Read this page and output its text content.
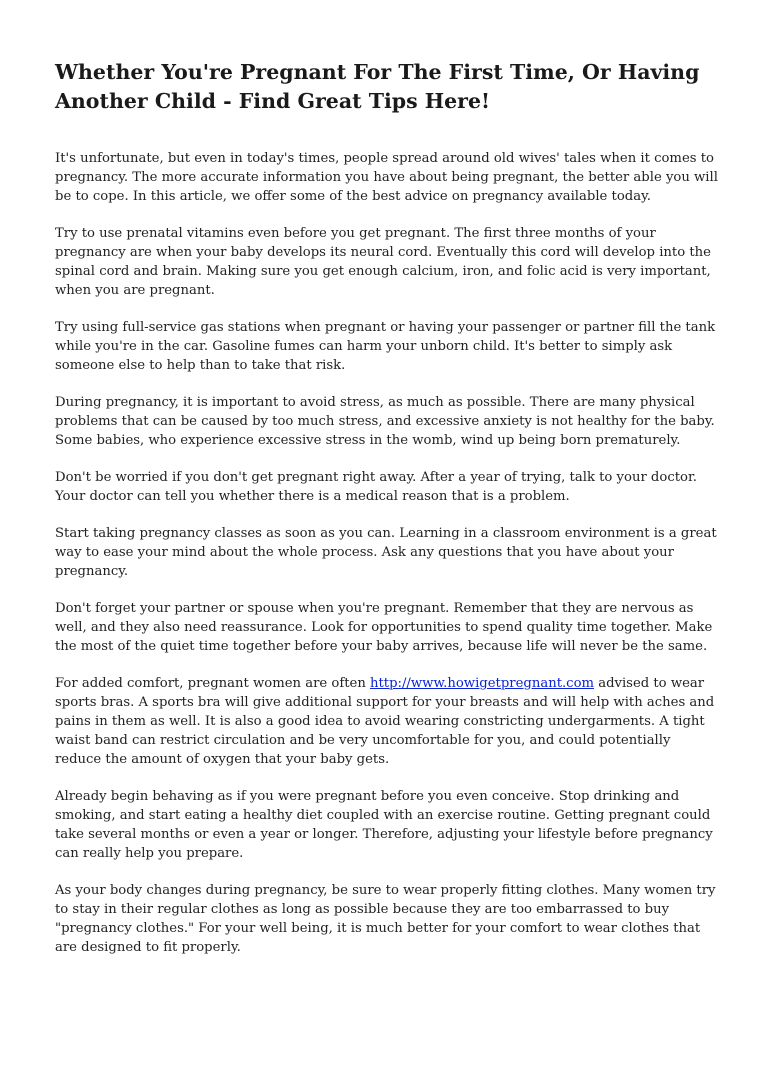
Whether You're Pregnant For The First Time, Or Having Another Child - Find Great Tips Here!

It's unfortunate, but even in today's times, people spread around old wives' tales when it comes to pregnancy. The more accurate information you have about being pregnant, the better able you will be to cope. In this article, we offer some of the best advice on pregnancy available today.

Try to use prenatal vitamins even before you get pregnant. The first three months of your pregnancy are when your baby develops its neural cord. Eventually this cord will develop into the spinal cord and brain. Making sure you get enough calcium, iron, and folic acid is very important, when you are pregnant.

Try using full-service gas stations when pregnant or having your passenger or partner fill the tank while you're in the car. Gasoline fumes can harm your unborn child. It's better to simply ask someone else to help than to take that risk.

During pregnancy, it is important to avoid stress, as much as possible. There are many physical problems that can be caused by too much stress, and excessive anxiety is not healthy for the baby. Some babies, who experience excessive stress in the womb, wind up being born prematurely.

Don't be worried if you don't get pregnant right away. After a year of trying, talk to your doctor. Your doctor can tell you whether there is a medical reason that is a problem.

Start taking pregnancy classes as soon as you can. Learning in a classroom environment is a great way to ease your mind about the whole process. Ask any questions that you have about your pregnancy.

Don't forget your partner or spouse when you're pregnant. Remember that they are nervous as well, and they also need reassurance. Look for opportunities to spend quality time together. Make the most of the quiet time together before your baby arrives, because life will never be the same.

For added comfort, pregnant women are often http://www.howigetpregnant.com advised to wear sports bras. A sports bra will give additional support for your breasts and will help with aches and pains in them as well. It is also a good idea to avoid wearing constricting undergarments. A tight waist band can restrict circulation and be very uncomfortable for you, and could potentially reduce the amount of oxygen that your baby gets.

Already begin behaving as if you were pregnant before you even conceive. Stop drinking and smoking, and start eating a healthy diet coupled with an exercise routine. Getting pregnant could take several months or even a year or longer. Therefore, adjusting your lifestyle before pregnancy can really help you prepare.

As your body changes during pregnancy, be sure to wear properly fitting clothes. Many women try to stay in their regular clothes as long as possible because they are too embarrassed to buy "pregnancy clothes." For your well being, it is much better for your comfort to wear clothes that are designed to fit properly.
